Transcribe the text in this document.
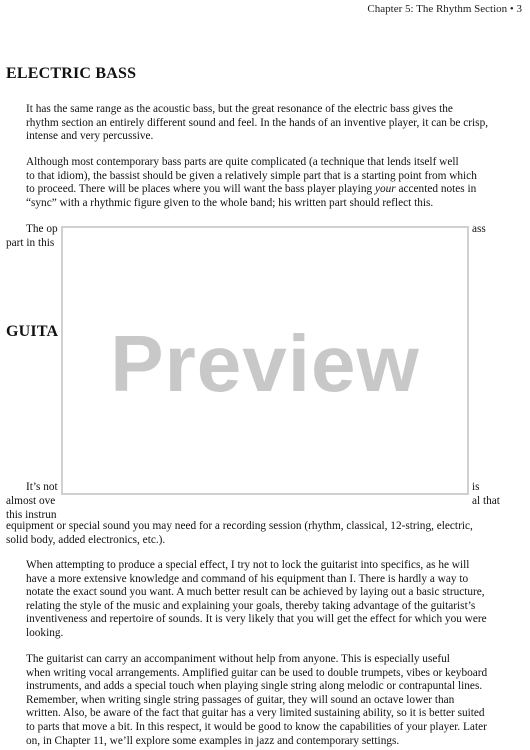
Chapter 5: The Rhythm Section • 3
ELECTRIC BASS

It has the same range as the acoustic bass, but the great resonance of the electric bass gives the
rhythm section an entirely different sound and feel. In the hands of an inventive player, it can be crisp,
intense and very percussive.

Although most contemporary bass parts are quite complicated (a technique that lends itself well
to that idiom), the bassist should be given a relatively simple part that is a starting point from which
to proceed. There will be places where you will want the bass player playing your accented notes in
“sync” with a rhythmic figure given to the whole band; his written part should reflect this.

The op	ass
part in this
GUITA
It’s not	is
almost ove	al that
this instrun

equipment or special sound you may need for a recording session (rhythm, classical, 12-string, electric,
solid body, added electronics, etc.).

When attempting to produce a special effect, I try not to lock the guitarist into specifics, as he will
have a more extensive knowledge and command of his equipment than I. There is hardly a way to
notate the exact sound you want. A much better result can be achieved by laying out a basic structure,
relating the style of the music and explaining your goals, thereby taking advantage of the guitarist’s
inventiveness and repertoire of sounds. It is very likely that you will get the effect for which you were
looking.

The guitarist can carry an accompaniment without help from anyone. This is especially useful
when writing vocal arrangements. Amplified guitar can be used to double trumpets, vibes or keyboard
instruments, and adds a special touch when playing single string along melodic or contrapuntal lines.
Remember, when writing single string passages of guitar, they will sound an octave lower than
written. Also, be aware of the fact that guitar has a very limited sustaining ability, so it is better suited
to parts that move a bit. In this respect, it would be good to know the capabilities of your player. Later
on, in Chapter 11, we’ll explore some examples in jazz and contemporary settings.

Preview
